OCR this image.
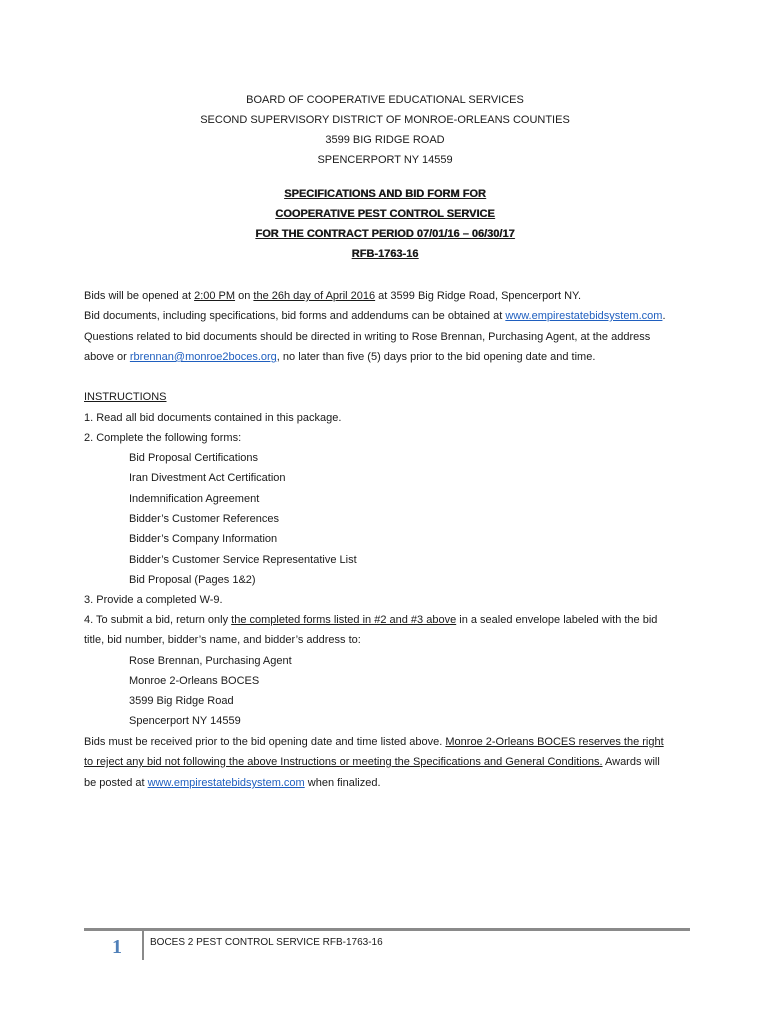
BOARD OF COOPERATIVE EDUCATIONAL SERVICES
SECOND SUPERVISORY DISTRICT OF MONROE-ORLEANS COUNTIES
3599 BIG RIDGE ROAD
SPENCERPORT NY 14559
SPECIFICATIONS AND BID FORM FOR
COOPERATIVE PEST CONTROL SERVICE
FOR THE CONTRACT PERIOD 07/01/16 – 06/30/17
RFB-1763-16
Bids will be opened at 2:00 PM on the 26h day of April 2016 at 3599 Big Ridge Road, Spencerport NY.
Bid documents, including specifications, bid forms and addendums can be obtained at www.empirestatebidsystem.com.
Questions related to bid documents should be directed in writing to Rose Brennan, Purchasing Agent, at the address
above or rbrennan@monroe2boces.org, no later than five (5) days prior to the bid opening date and time.
INSTRUCTIONS
1. Read all bid documents contained in this package.
2. Complete the following forms:
Bid Proposal Certifications
Iran Divestment Act Certification
Indemnification Agreement
Bidder’s Customer References
Bidder’s Company Information
Bidder’s Customer Service Representative List
Bid Proposal (Pages 1&2)
3. Provide a completed W-9.
4. To submit a bid, return only the completed forms listed in #2 and #3 above in a sealed envelope labeled with the bid
title, bid number, bidder’s name, and bidder’s address to:
Rose Brennan, Purchasing Agent
Monroe 2-Orleans BOCES
3599 Big Ridge Road
Spencerport NY 14559
Bids must be received prior to the bid opening date and time listed above. Monroe 2-Orleans BOCES reserves the right
to reject any bid not following the above Instructions or meeting the Specifications and General Conditions. Awards will
be posted at www.empirestatebidsystem.com when finalized.
1	BOCES 2 PEST CONTROL SERVICE RFB-1763-16
